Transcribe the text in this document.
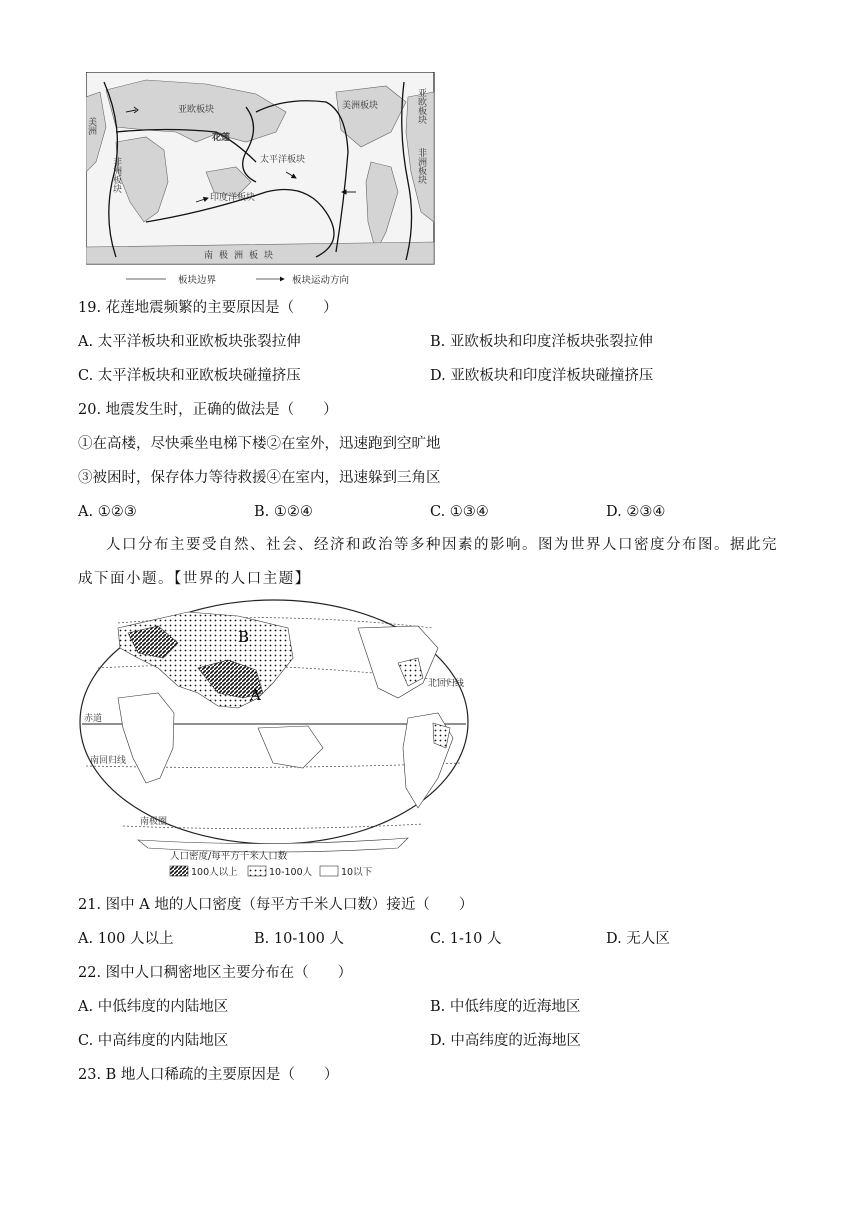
亚欧板块
非洲板块	太平洋板块
印度洋板块
美洲板块
美洲
南极洲板块
亚欧板块
非洲板块
花莲
板块边界	板块运动方向
19. 花莲地震频繁的主要原因是（　　）
A. 太平洋板块和亚欧板块张裂拉伸	B. 亚欧板块和印度洋板块张裂拉伸
C. 太平洋板块和亚欧板块碰撞挤压	D. 亚欧板块和印度洋板块碰撞挤压
20. 地震发生时，正确的做法是（　　）
①在高楼，尽快乘坐电梯下楼②在室外，迅速跑到空旷地
③被困时，保存体力等待救援④在室内，迅速躲到三角区
A. ①②③	B. ①②④	C. ①③④	D. ②③④
人口分布主要受自然、社会、经济和政治等多种因素的影响。图为世界人口密度分布图。据此完成下面小题。【世界的人口主题】
B
A
北回归线
赤道
南回归线
南极圈
人口密度/每平方千米人口数
100人以上	10-100人	10以下
21. 图中 A 地的人口密度（每平方千米人口数）接近（　　）
A. 100 人以上	B. 10-100 人	C. 1-10 人	D. 无人区
22. 图中人口稠密地区主要分布在（　　）
A. 中低纬度的内陆地区	B. 中低纬度的近海地区
C. 中高纬度的内陆地区	D. 中高纬度的近海地区
23. B 地人口稀疏的主要原因是（　　）
